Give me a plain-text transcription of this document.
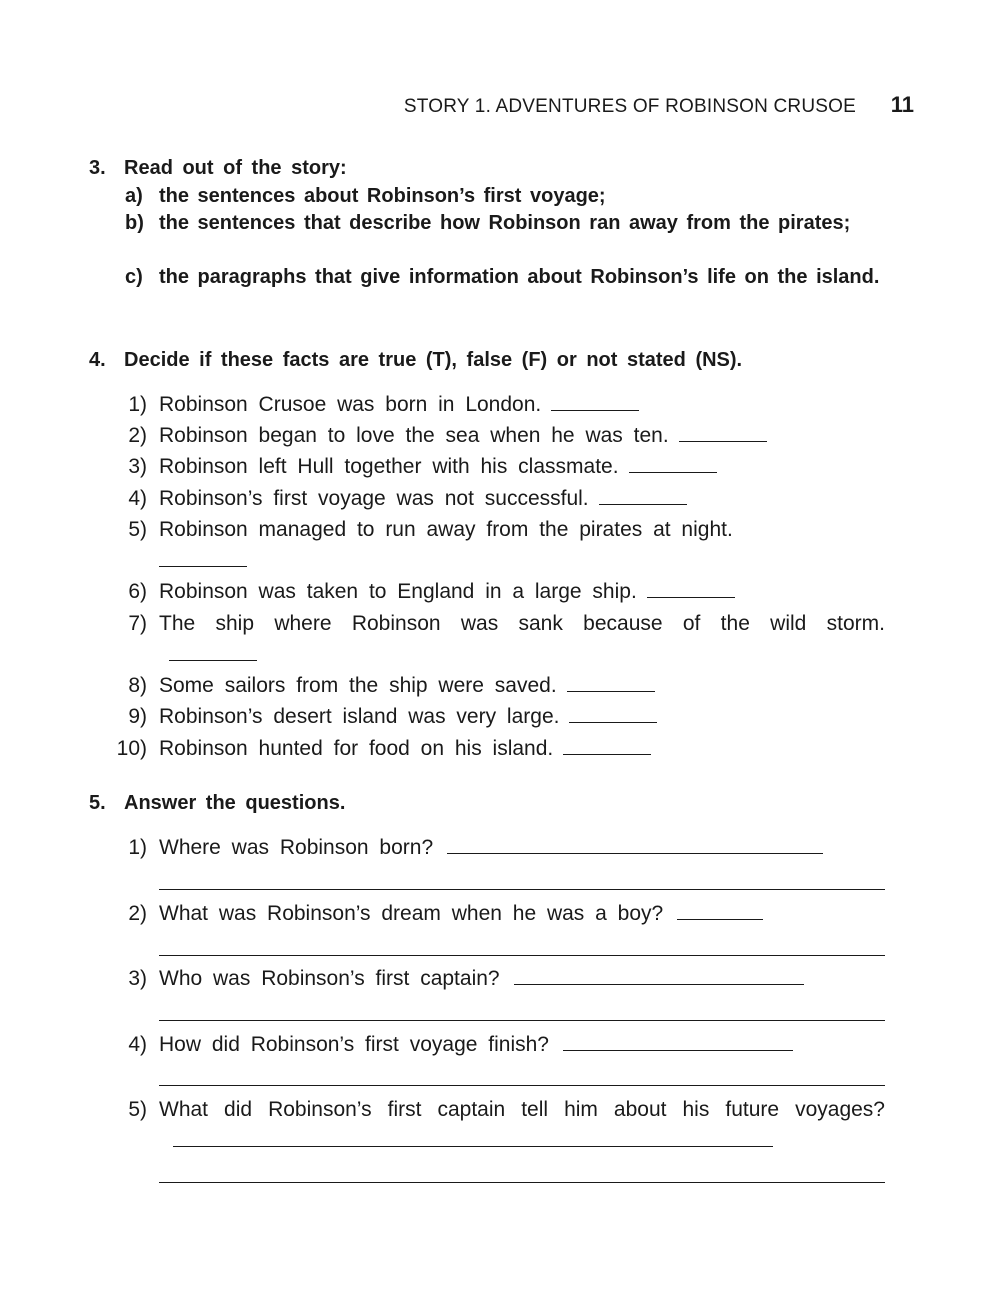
STORY 1. ADVENTURES OF ROBINSON CRUSOE 11
3. Read out of the story:
a) the sentences about Robinson’s first voyage;
b) the sentences that describe how Robinson ran away from the pirates;
c) the paragraphs that give information about Robinson’s life on the island.
4. Decide if these facts are true (T), false (F) or not stated (NS).
1) Robinson Crusoe was born in London.
2) Robinson began to love the sea when he was ten.
3) Robinson left Hull together with his classmate.
4) Robinson’s first voyage was not successful.
5) Robinson managed to run away from the pirates at night.

6) Robinson was taken to England in a large ship.
7) The ship where Robinson was sank because of the wild storm.
8) Some sailors from the ship were saved.
9) Robinson’s desert island was very large.
10) Robinson hunted for food on his island.
5. Answer the questions.
1) Where was Robinson born?
2) What was Robinson’s dream when he was a boy?
3) Who was Robinson’s first captain?
4) How did Robinson’s first voyage finish?
5) What did Robinson’s first captain tell him about his future voyages?
